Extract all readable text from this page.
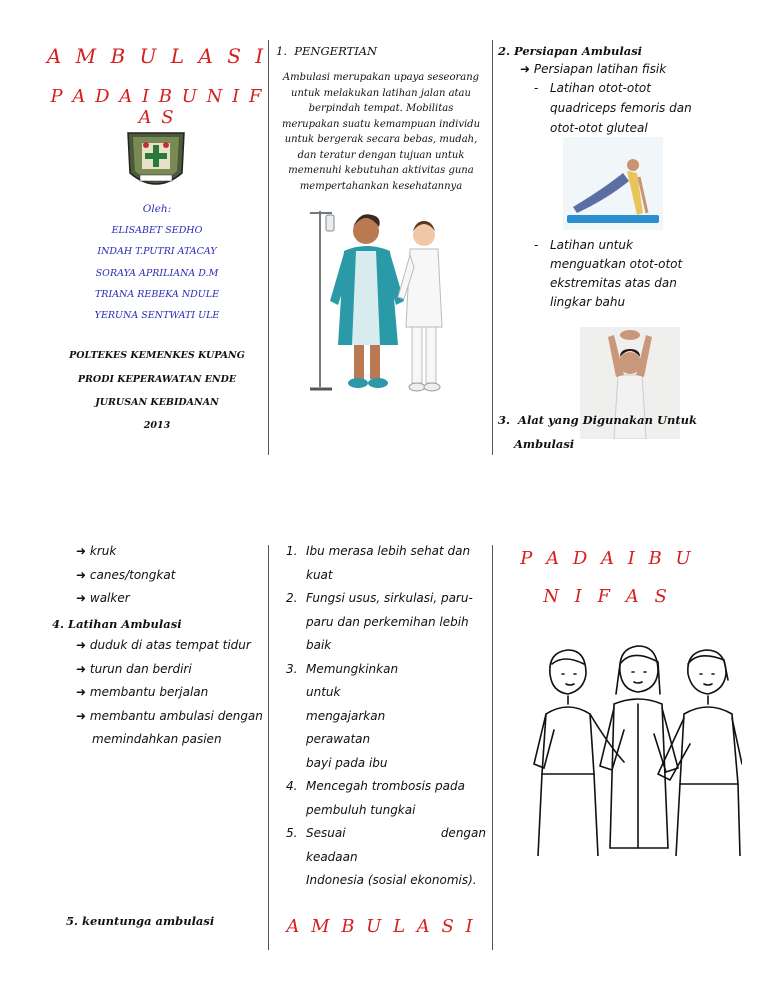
A M B U L A S I
P A D A I B U N I F A S
Oleh:
ELISABET SEDHO
INDAH T.PUTRI ATACAY
SORAYA APRILIANA D.M
TRIANA REBEKA NDULE
YERUNA SENTWATI ULE
POLTEKES KEMENKES KUPANG
PRODI KEPERAWATAN ENDE
JURUSAN KEBIDANAN
2013
1. PENGERTIAN
Ambulasi merupakan upaya seseorang
untuk melakukan latihan jalan atau
berpindah tempat. Mobilitas
merupakan suatu kemampuan individu
untuk bergerak secara bebas, mudah,
dan teratur dengan tujuan untuk
memenuhi kebutuhan aktivitas guna
mempertahankan kesehatannya
2. Persiapan Ambulasi
➜ Persiapan latihan fisik
- Latihan otot-otot
quadriceps femoris dan
otot-otot gluteal
- Latihan untuk
menguatkan otot-otot
ekstremitas atas dan
lingkar bahu
3. Alat yang Digunakan Untuk
Ambulasi
➜ kruk
➜ canes/tongkat
➜ walker
4. Latihan Ambulasi
➜ duduk di atas tempat tidur
➜ turun dan berdiri
➜ membantu berjalan
➜ membantu ambulasi dengan
memindahkan pasien
5. keuntunga ambulasi
1. Ibu merasa lebih sehat dan
kuat
2. Fungsi usus, sirkulasi, paru-
paru dan perkemihan lebih
baik
3. Memungkinkan untuk
mengajarkan perawatan
bayi pada ibu
4. Mencegah trombosis pada
pembuluh tungkai
5. Sesuai dengan keadaan
Indonesia (sosial ekonomis).
A M B U L A S I
P A D A I B U
N I F A S
